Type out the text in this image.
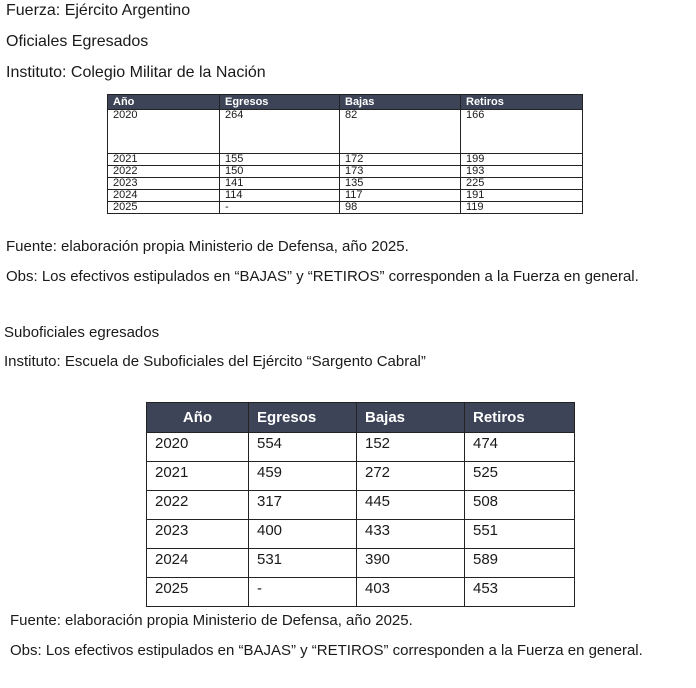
Fuerza: Ejército Argentino

Oficiales Egresados

Instituto: Colegio Militar de la Nación

Año	Egresos	Bajas	Retiros
2020	264	82	166
2021	155	172	199
2022	150	173	193
2023	141	135	225
2024	114	117	191
2025	-	98	119

Fuente: elaboración propia Ministerio de Defensa, año 2025.

Obs: Los efectivos estipulados en “BAJAS” y “RETIROS” corresponden a la Fuerza en general.

Suboficiales egresados

Instituto: Escuela de Suboficiales del Ejército “Sargento Cabral”

Año	Egresos	Bajas	Retiros
2020	554	152	474
2021	459	272	525
2022	317	445	508
2023	400	433	551
2024	531	390	589
2025	-	403	453

Fuente: elaboración propia Ministerio de Defensa, año 2025.

Obs: Los efectivos estipulados en “BAJAS” y “RETIROS” corresponden a la Fuerza en general.
